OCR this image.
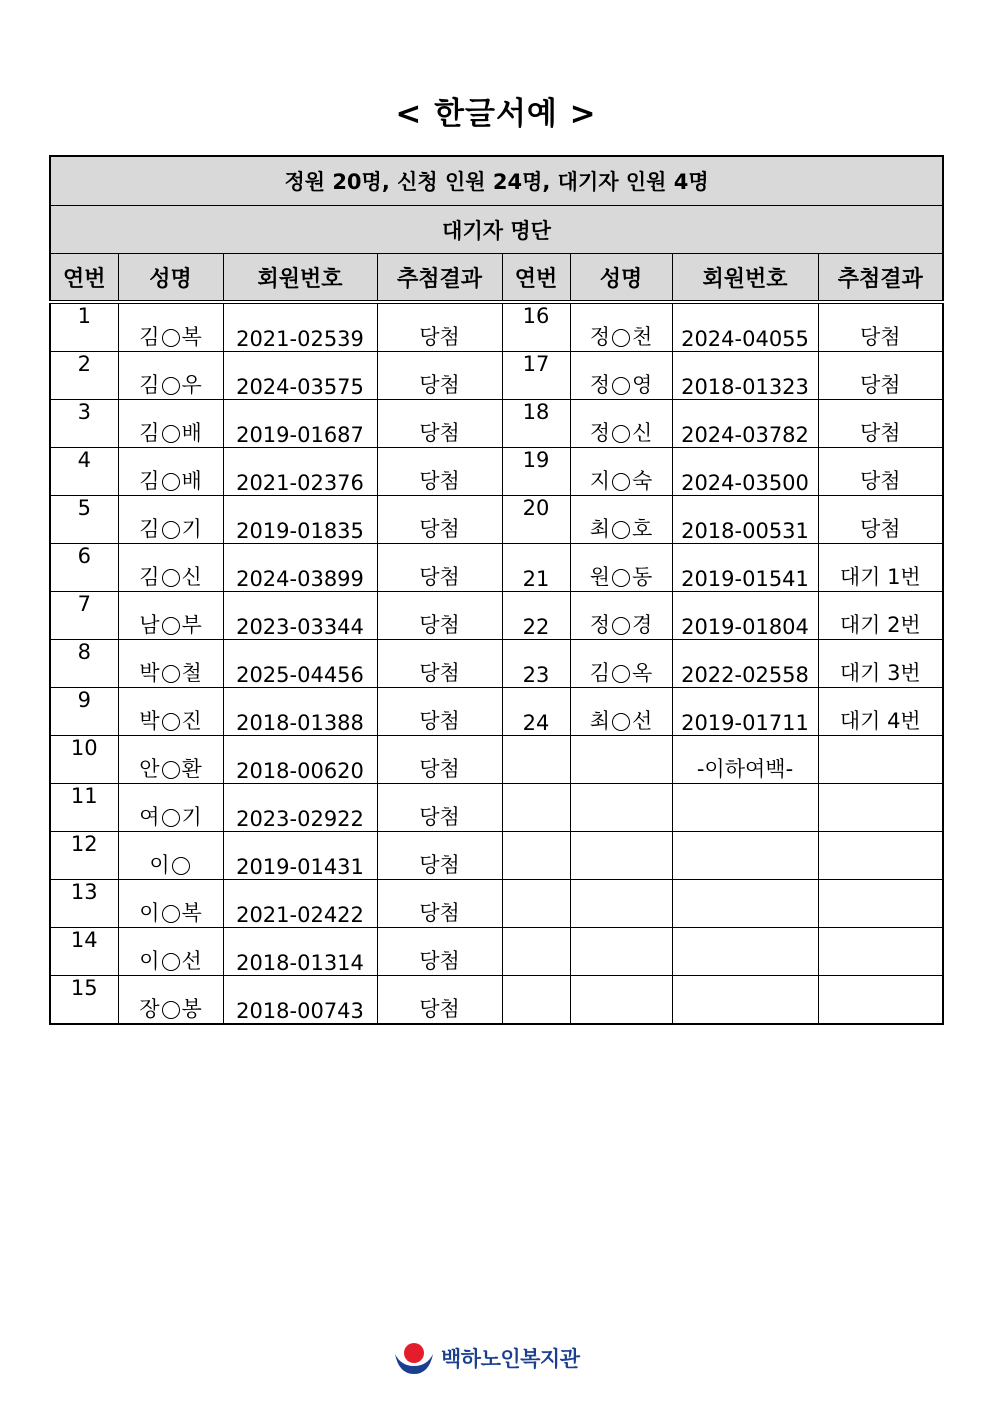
< 한글서예 >
정원 20명, 신청 인원 24명, 대기자 인원 4명							
대기자 명단							
연번	성명	회원번호	추첨결과	연번	성명	회원번호	추첨결과
1	김 복	2021-02539	당첨	16	정 천	2024-04055	당첨
2	김 우	2024-03575	당첨	17	정 영	2018-01323	당첨
3	김 배	2019-01687	당첨	18	정 신	2024-03782	당첨
4	김 배	2021-02376	당첨	19	지 숙	2024-03500	당첨
5	김 기	2019-01835	당첨	20	최 호	2018-00531	당첨
6	김 신	2024-03899	당첨	21	원 동	2019-01541	대기 1번
7	남 부	2023-03344	당첨	22	정 경	2019-01804	대기 2번
8	박 철	2025-04456	당첨	23	김 옥	2022-02558	대기 3번
9	박 진	2018-01388	당첨	24	최 선	2019-01711	대기 4번
10	안 환	2018-00620	당첨			-이하여백-	
11	여 기	2023-02922	당첨				
12	이	2019-01431	당첨				
13	이 복	2021-02422	당첨				
14	이 선	2018-01314	당첨				
15	장 봉	2018-00743	당첨				
백하노인복지관
